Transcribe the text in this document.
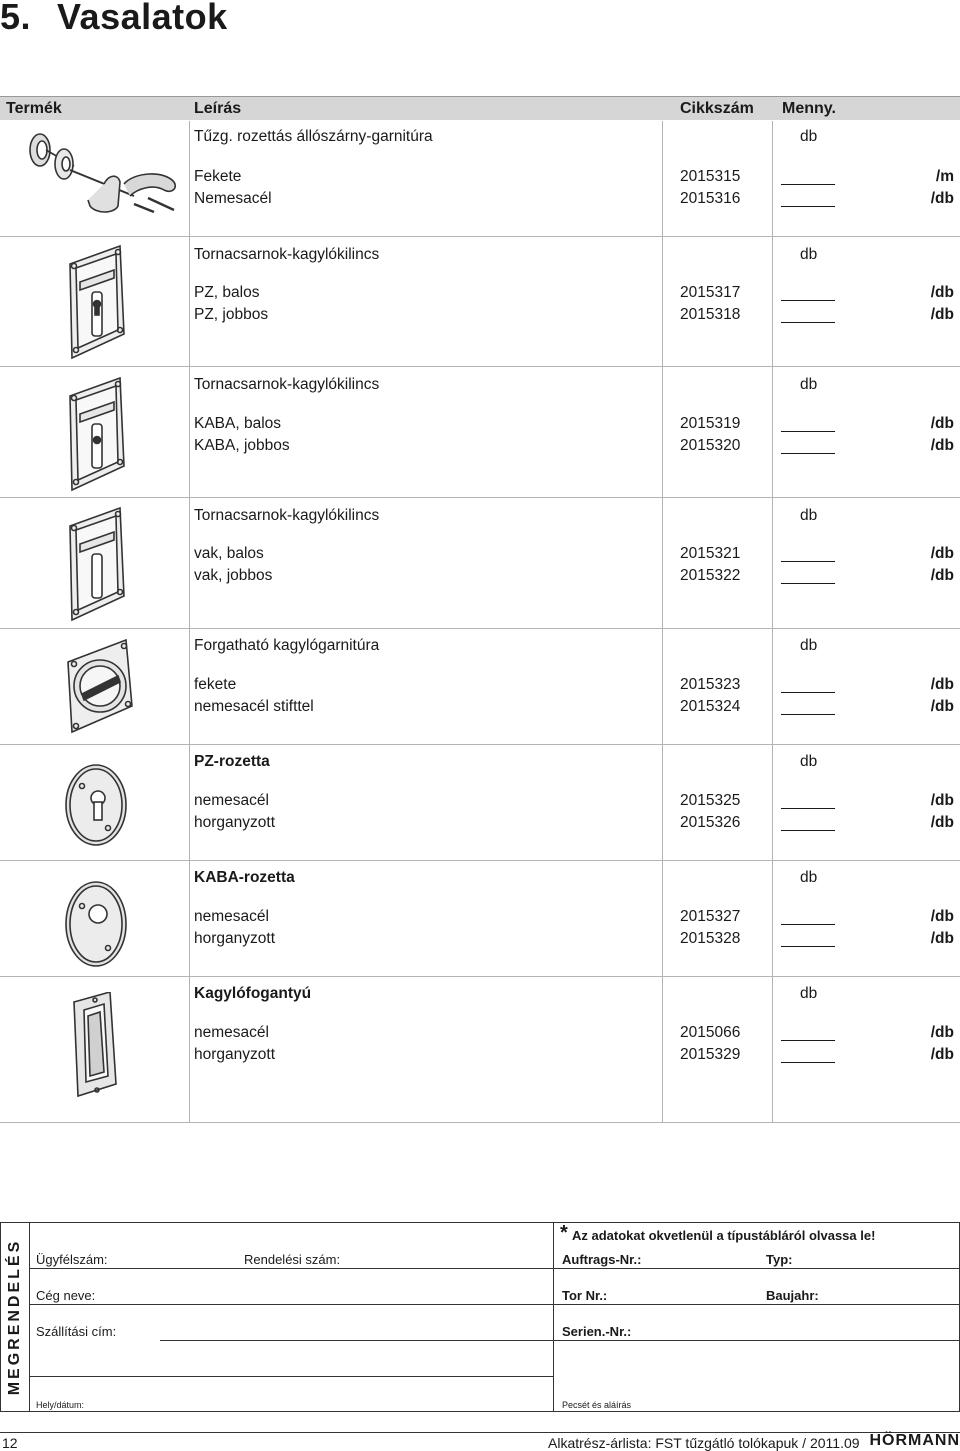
5. Vasalatok
Termék	Leírás	Cikkszám Menny.
Tűzg. rozettás állószárny-garnitúra	db
Fekete	2015315	/m
Nemesacél	2015316	/db
Tornacsarnok-kagylókilincs	db
PZ, balos	2015317	/db
PZ, jobbos	2015318	/db
Tornacsarnok-kagylókilincs	db
KABA, balos	2015319	/db
KABA, jobbos	2015320	/db
Tornacsarnok-kagylókilincs	db
vak, balos	2015321	/db
vak, jobbos	2015322	/db
Forgatható kagylógarnitúra	db
fekete	2015323	/db
nemesacél stifttel	2015324	/db
PZ-rozetta	db
nemesacél	2015325	/db
horganyzott	2015326	/db
KABA-rozetta	db
nemesacél	2015327	/db
horganyzott	2015328	/db
Kagylófogantyú	db
nemesacél	2015066	/db
horganyzott	2015329	/db
MEGRENDELÉS Ügyfélszám:	Rendelési szám:
Cég neve:
Szállítási cím:
Hely/dátum:
* Az adatokat okvetlenül a típustábláról olvassa le!
Auftrags-Nr.:	Typ:
Tor Nr.:	Baujahr:
Serien.-Nr.:
Pecsét és aláírás
12	Alkatrész-árlista: FST tűzgátló tolókapuk / 2011.09 HÖRMANN
